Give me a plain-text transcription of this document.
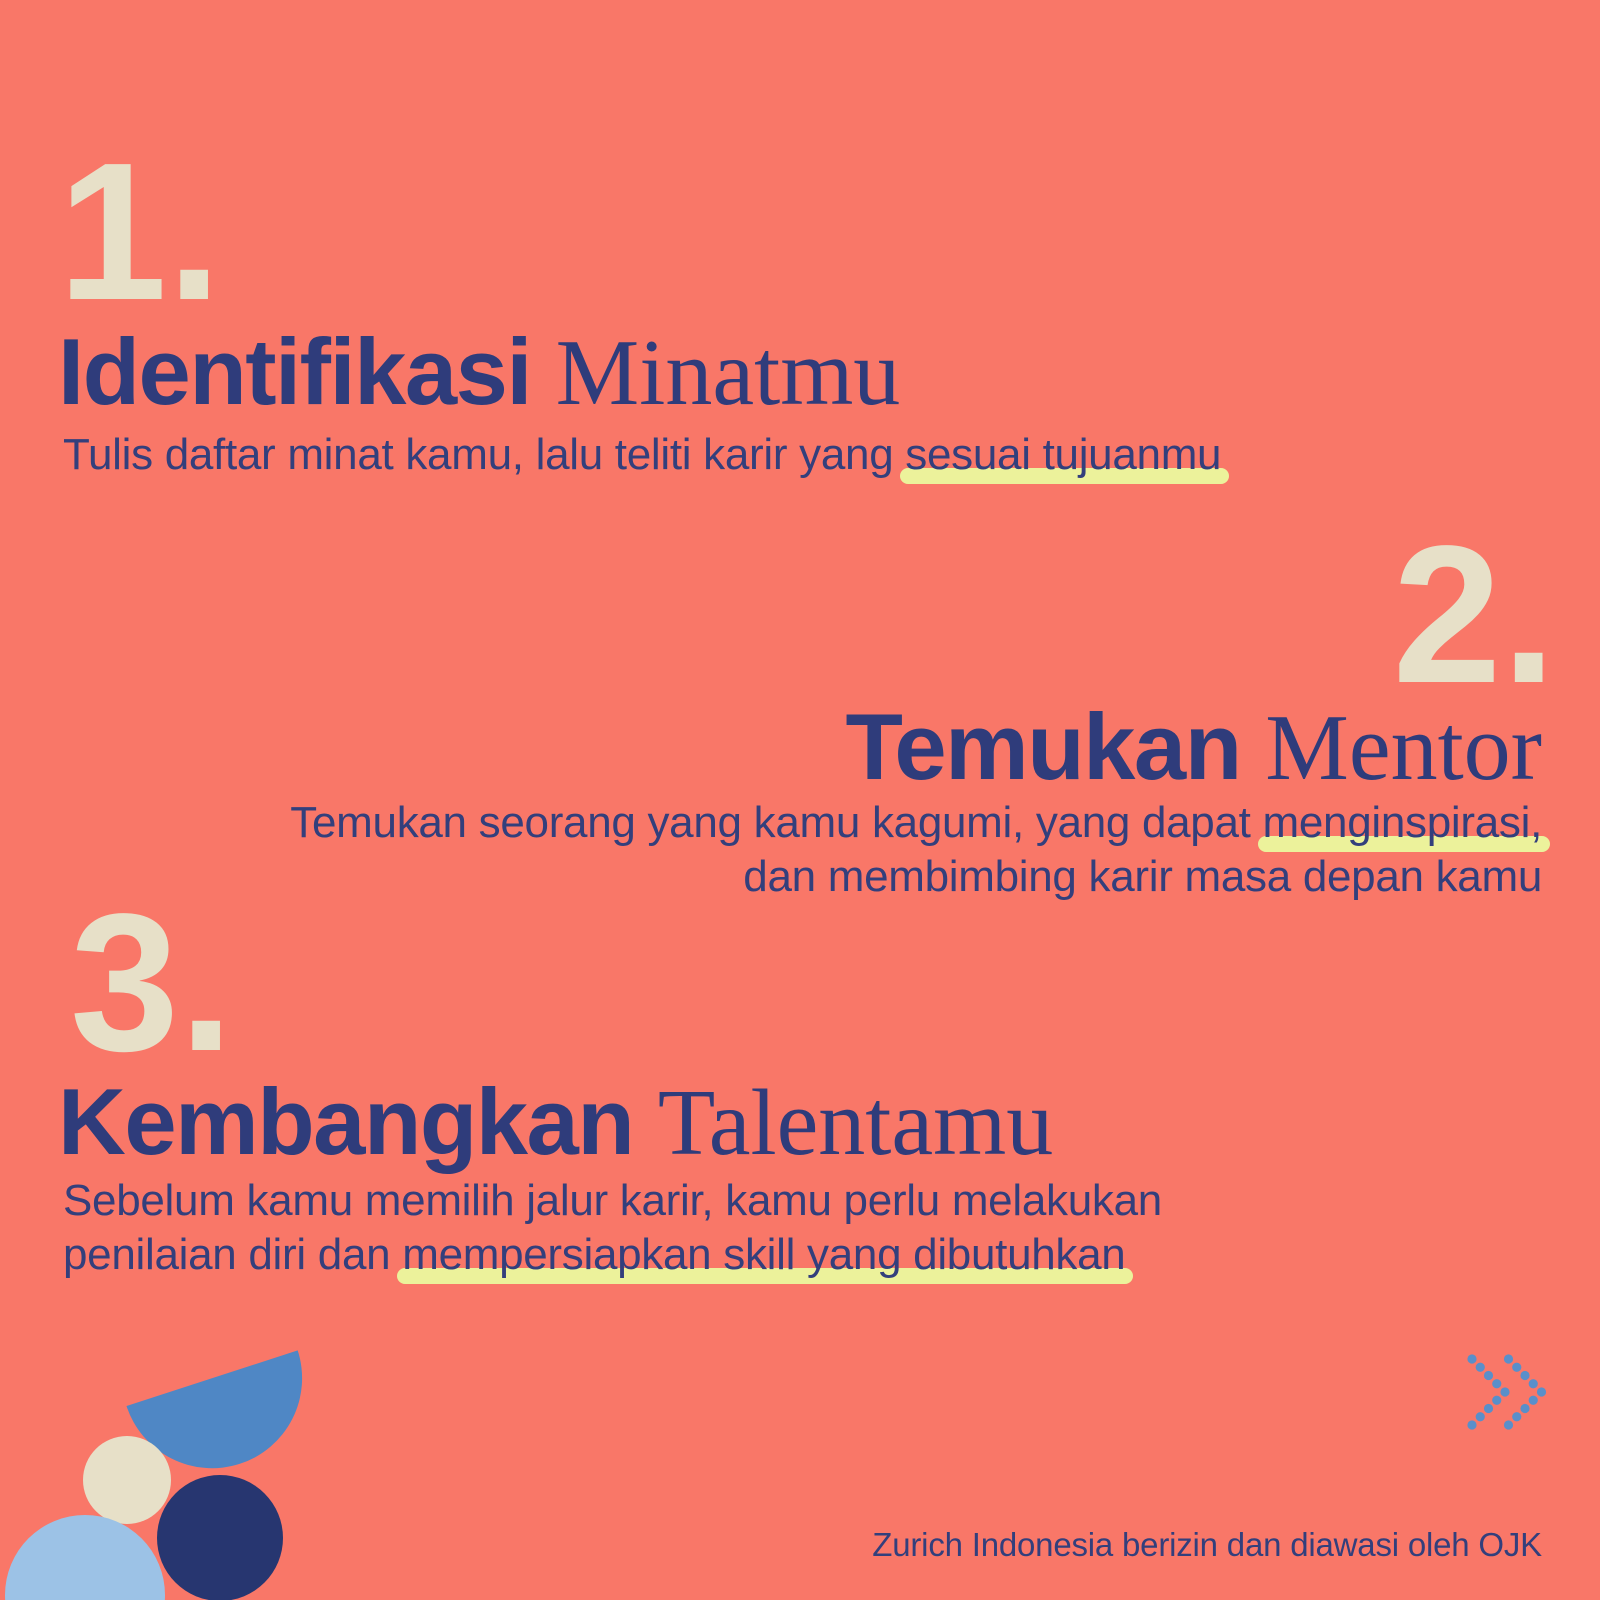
1.
Identifikasi Minatmu

Tulis daftar minat kamu, lalu teliti karir yang sesuai tujuanmu

2.
Temukan Mentor

Temukan seorang yang kamu kagumi, yang dapat menginspirasi,
dan membimbing karir masa depan kamu

3.
Kembangkan Talentamu

Sebelum kamu memilih jalur karir, kamu perlu melakukan
penilaian diri dan mempersiapkan skill yang dibutuhkan

Zurich Indonesia berizin dan diawasi oleh OJK
